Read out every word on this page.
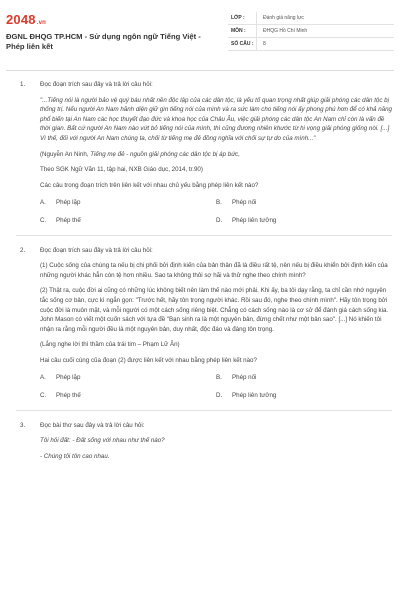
2048.vn
ĐGNL ĐHQG TP.HCM - Sử dụng ngôn ngữ Tiếng Việt - Phép liên kết
LỚP :	Đánh giá năng lực
MÔN :	ĐHQG Hồ Chí Minh
SỐ CÂU :	8
1. Đọc đoạn trích sau đây và trả lời câu hỏi:
"...Tiếng nói là người bảo vệ quý báu nhất nền độc lập của các dân tộc, là yếu tố quan trọng nhất giúp giải phóng các dân tộc bị thống trị. Nếu người An Nam hãnh diện giữ gìn tiếng nói của mình và ra sức làm cho tiếng nói ấy phong phú hơn để có khả năng phổ biến tại An Nam các học thuyết đạo đức và khoa học của Châu Âu, việc giải phóng các dân tộc An Nam chỉ còn là vấn đề thời gian. Bất cứ người An Nam nào vứt bỏ tiếng nói của mình, thì cũng đương nhiên khước từ hi vọng giải phóng giống nòi. [...] Vì thế, đối với người An Nam chúng ta, chối từ tiếng mẹ đẻ đồng nghĩa với chối sự tự do của mình..."
(Nguyễn An Ninh, Tiếng mẹ đẻ - nguồn giải phóng các dân tộc bị áp bức,
Theo SGK Ngữ Văn 11, tập hai, NXB Giáo dục, 2014, tr.90)
Các câu trong đoạn trích trên liên kết với nhau chủ yếu bằng phép liên kết nào?
A.	Phép lặp	B.	Phép nối
C.	Phép thế	D.	Phép liên tưởng
2. Đọc đoạn trích sau đây và trả lời câu hỏi:
(1) Cuộc sống của chúng ta nếu bị chi phối bởi định kiến của bản thân đã là điều rất tệ, nên nếu bị điều khiển bởi định kiến của những người khác hẳn còn tệ hơn nhiều. Sao ta không thôi sợ hãi và thử nghe theo chính mình?
(2) Thật ra, cuộc đời ai cũng có những lúc không biết nên làm thế nào mới phải. Khi ấy, ba tôi dạy rằng, ta chỉ cần nhớ nguyên tắc sống cơ bản, cực kì ngắn gọn: "Trước hết, hãy tôn trọng người khác. Rồi sau đó, nghe theo chính mình". Hãy tôn trọng bởi cuộc đời là muôn mặt, và mỗi người có một cách sống riêng biệt. Chẳng có cách sống nào là cơ sở để đánh giá cách sống kia. John Mason có viết một cuốn sách với tựa đề "Bạn sinh ra là một nguyên bản, đừng chết như một bản sao". [...] Nó khiến tôi nhận ra rằng mỗi người đều là một nguyên bản, duy nhất, độc đáo và đáng tôn trọng.
(Lắng nghe lời thì thầm của trái tim – Phạm Lữ Ân)
Hai câu cuối cùng của đoạn (2) được liên kết với nhau bằng phép liên kết nào?
A.	Phép lặp	B.	Phép nối
C.	Phép thế	D.	Phép liên tưởng
3. Đọc bài thơ sau đây và trả lời câu hỏi:
Tôi hỏi đất: - Đất sống với nhau như thế nào?
- Chúng tôi tôn cao nhau.
